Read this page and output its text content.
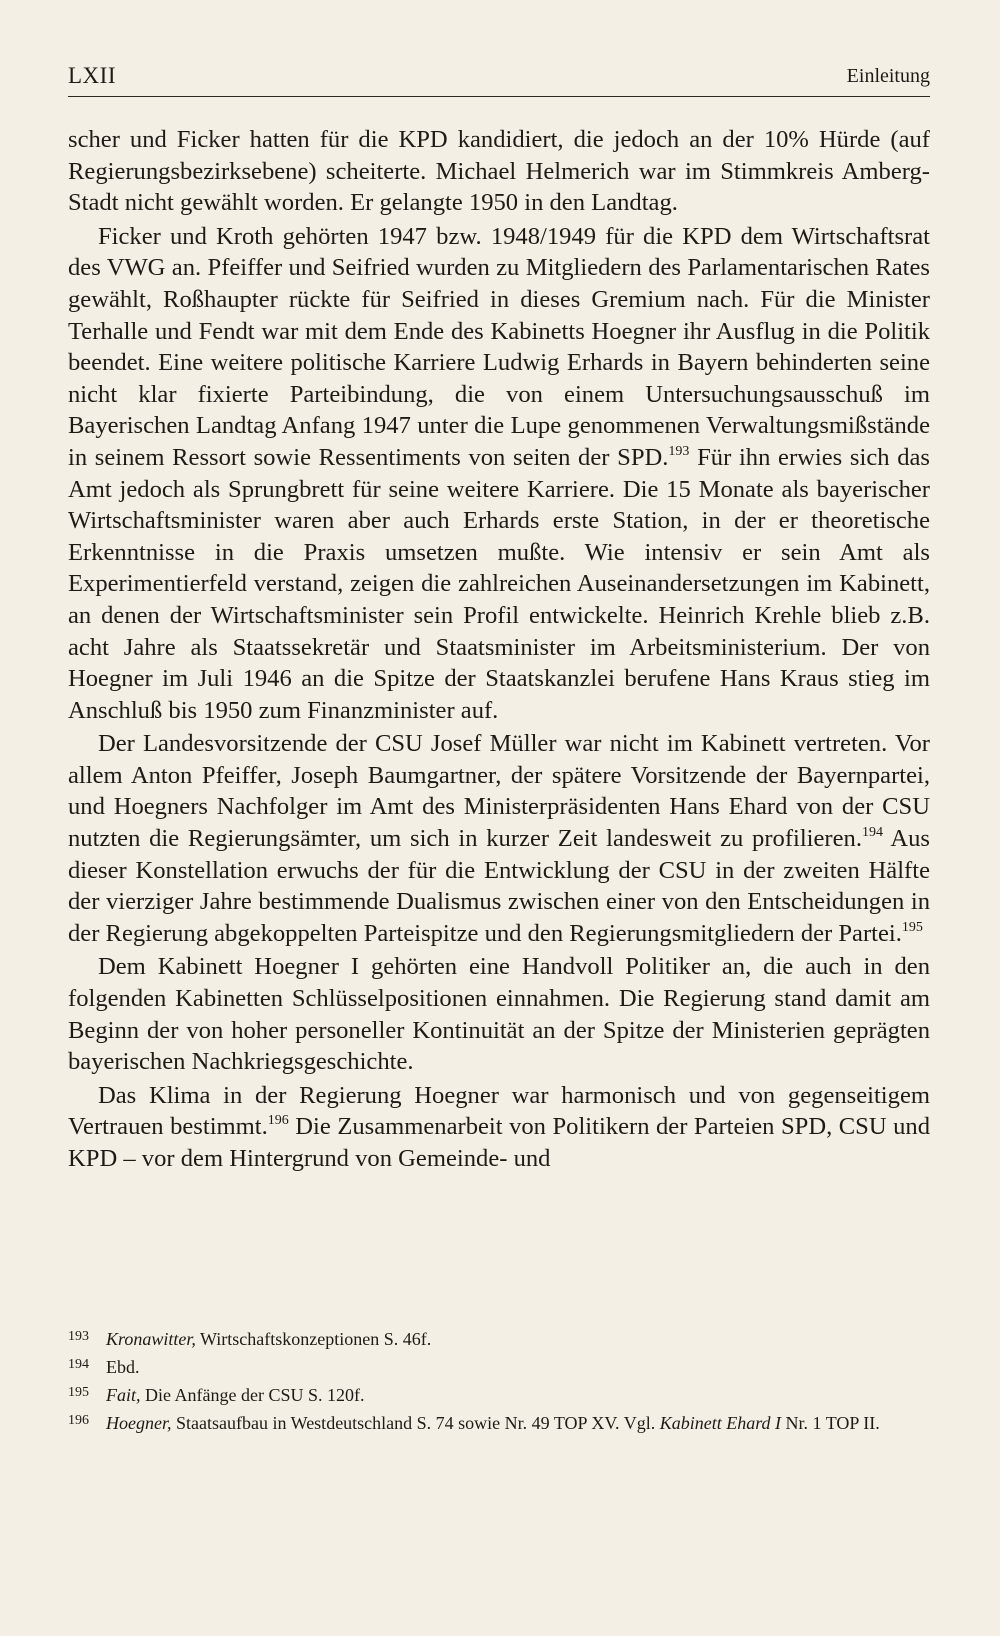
LXII	Einleitung

scher und Ficker hatten für die KPD kandidiert, die jedoch an der 10% Hürde (auf Regierungsbezirksebene) scheiterte. Michael Helmerich war im Stimmkreis Amberg-Stadt nicht gewählt worden. Er gelangte 1950 in den Landtag.

Ficker und Kroth gehörten 1947 bzw. 1948/1949 für die KPD dem Wirtschaftsrat des VWG an. Pfeiffer und Seifried wurden zu Mitgliedern des Parlamentarischen Rates gewählt, Roßhaupter rückte für Seifried in dieses Gremium nach. Für die Minister Terhalle und Fendt war mit dem Ende des Kabinetts Hoegner ihr Ausflug in die Politik beendet. Eine weitere politische Karriere Ludwig Erhards in Bayern behinderten seine nicht klar fixierte Parteibindung, die von einem Untersuchungsausschuß im Bayerischen Landtag Anfang 1947 unter die Lupe genommenen Verwaltungsmißstände in seinem Ressort sowie Ressentiments von seiten der SPD.$^{193}$ Für ihn erwies sich das Amt jedoch als Sprungbrett für seine weitere Karriere. Die 15 Monate als bayerischer Wirtschaftsminister waren aber auch Erhards erste Station, in der er theoretische Erkenntnisse in die Praxis umsetzen mußte. Wie intensiv er sein Amt als Experimentierfeld verstand, zeigen die zahlreichen Auseinandersetzungen im Kabinett, an denen der Wirtschaftsminister sein Profil entwickelte. Heinrich Krehle blieb z.B. acht Jahre als Staatssekretär und Staatsminister im Arbeitsministerium. Der von Hoegner im Juli 1946 an die Spitze der Staatskanzlei berufene Hans Kraus stieg im Anschluß bis 1950 zum Finanzminister auf.

Der Landesvorsitzende der CSU Josef Müller war nicht im Kabinett vertreten. Vor allem Anton Pfeiffer, Joseph Baumgartner, der spätere Vorsitzende der Bayernpartei, und Hoegners Nachfolger im Amt des Ministerpräsidenten Hans Ehard von der CSU nutzten die Regierungsämter, um sich in kurzer Zeit landesweit zu profilieren.$^{194}$ Aus dieser Konstellation erwuchs der für die Entwicklung der CSU in der zweiten Hälfte der vierziger Jahre bestimmende Dualismus zwischen einer von den Entscheidungen in der Regierung abgekoppelten Parteispitze und den Regierungsmitgliedern der Partei.$^{195}$

Dem Kabinett Hoegner I gehörten eine Handvoll Politiker an, die auch in den folgenden Kabinetten Schlüsselpositionen einnahmen. Die Regierung stand damit am Beginn der von hoher personeller Kontinuität an der Spitze der Ministerien geprägten bayerischen Nachkriegsgeschichte.

Das Klima in der Regierung Hoegner war harmonisch und von gegenseitigem Vertrauen bestimmt.$^{196}$ Die Zusammenarbeit von Politikern der Parteien SPD, CSU und KPD – vor dem Hintergrund von Gemeinde- und

193 Kronawitter, Wirtschaftskonzeptionen S. 46f.
194 Ebd.
195 Fait, Die Anfänge der CSU S. 120f.
196 Hoegner, Staatsaufbau in Westdeutschland S. 74 sowie Nr. 49 TOP XV. Vgl. Kabinett Ehard I Nr. 1 TOP II.
